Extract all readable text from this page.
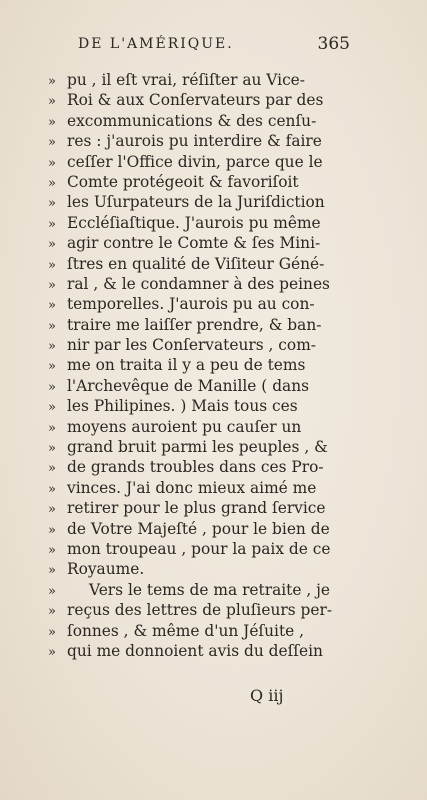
DE L'AMÉRIQUE.	365
» pu , il eſt vrai, réſiſter au Vice-
» Roi & aux Conſervateurs par des
» excommunications & des cenſu-
» res : j'aurois pu interdire & faire
» ceſſer l'Office divin, parce que le
» Comte protégeoit & favoriſoit
» les Uſurpateurs de la Juriſdiction
» Eccléſiaſtique. J'aurois pu même
» agir contre le Comte & ſes Mini-
» ſtres en qualité de Viſiteur Géné-
» ral , & le condamner à des peines
» temporelles. J'aurois pu au con-
» traire me laiſſer prendre, & ban-
» nir par les Conſervateurs , com-
» me on traita il y a peu de tems
» l'Archevêque de Manille ( dans
» les Philipines. ) Mais tous ces
» moyens auroient pu cauſer un
» grand bruit parmi les peuples , &
» de grands troubles dans ces Pro-
» vinces. J'ai donc mieux aimé me
» retirer pour le plus grand ſervice
» de Votre Majeſté , pour le bien de
» mon troupeau , pour la paix de ce
» Royaume.
» Vers le tems de ma retraite , je
» reçus des lettres de pluſieurs per-
» ſonnes , & même d'un Jéſuite ,
» qui me donnoient avis du deſſein
Q iij
